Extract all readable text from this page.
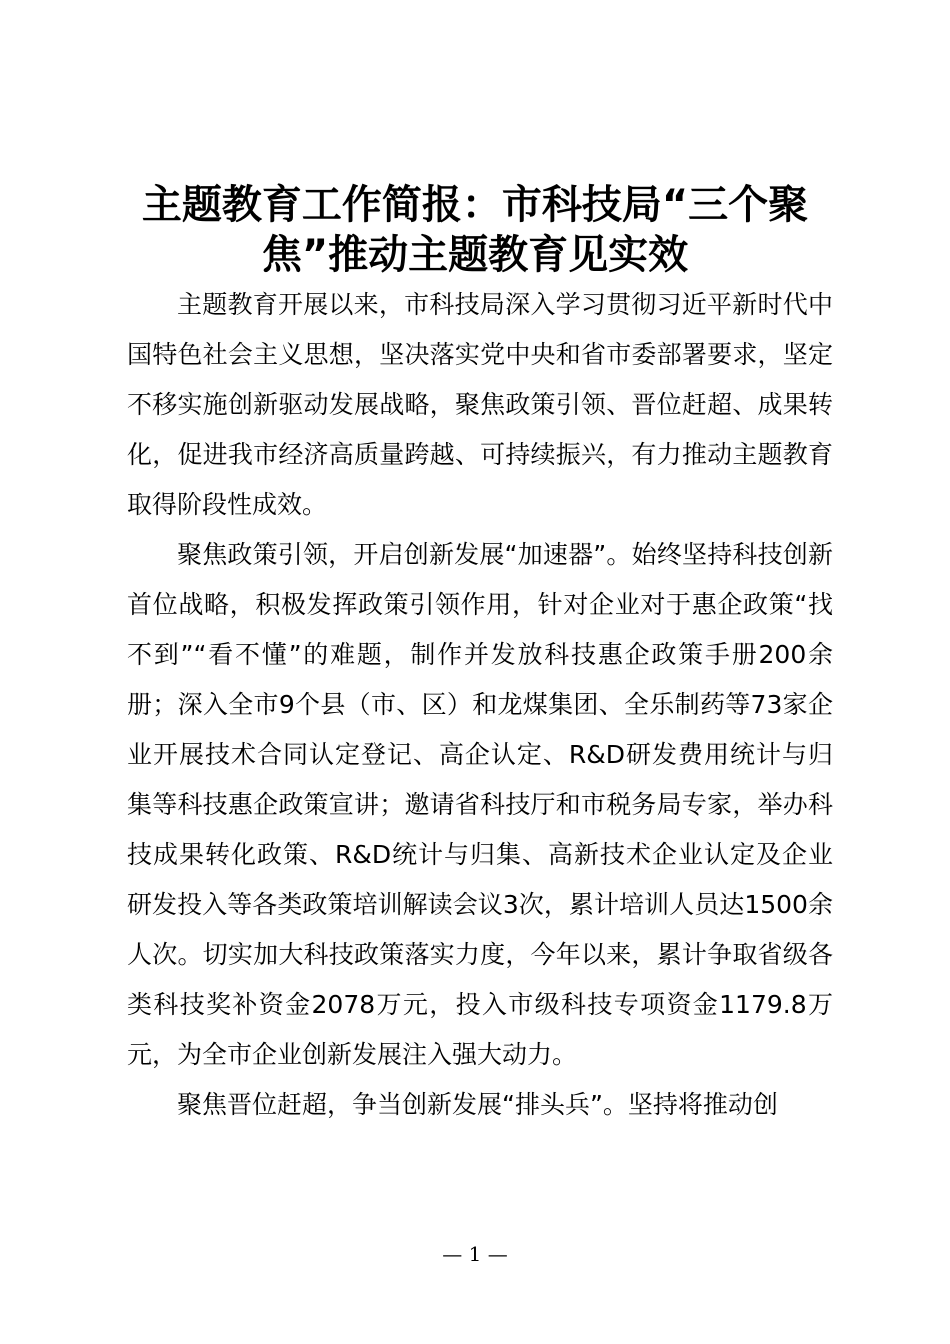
主题教育工作简报：市科技局“三个聚
焦”推动主题教育见实效

主题教育开展以来，市科技局深入学习贯彻习近平新时代中国特色社会主义思想，坚决落实党中央和省市委部署要求，坚定不移实施创新驱动发展战略，聚焦政策引领、晋位赶超、成果转化，促进我市经济高质量跨越、可持续振兴，有力推动主题教育取得阶段性成效。

聚焦政策引领，开启创新发展“加速器”。始终坚持科技创新首位战略，积极发挥政策引领作用，针对企业对于惠企政策“找不到”“看不懂”的难题，制作并发放科技惠企政策手册200余册；深入全市9个县（市、区）和龙煤集团、全乐制药等73家企业开展技术合同认定登记、高企认定、R&D研发费用统计与归集等科技惠企政策宣讲；邀请省科技厅和市税务局专家，举办科技成果转化政策、R&D统计与归集、高新技术企业认定及企业研发投入等各类政策培训解读会议3次，累计培训人员达1500余人次。切实加大科技政策落实力度，今年以来，累计争取省级各类科技奖补资金2078万元，投入市级科技专项资金1179.8万元，为全市企业创新发展注入强大动力。

聚焦晋位赶超，争当创新发展“排头兵”。坚持将推动创

— 1 —
